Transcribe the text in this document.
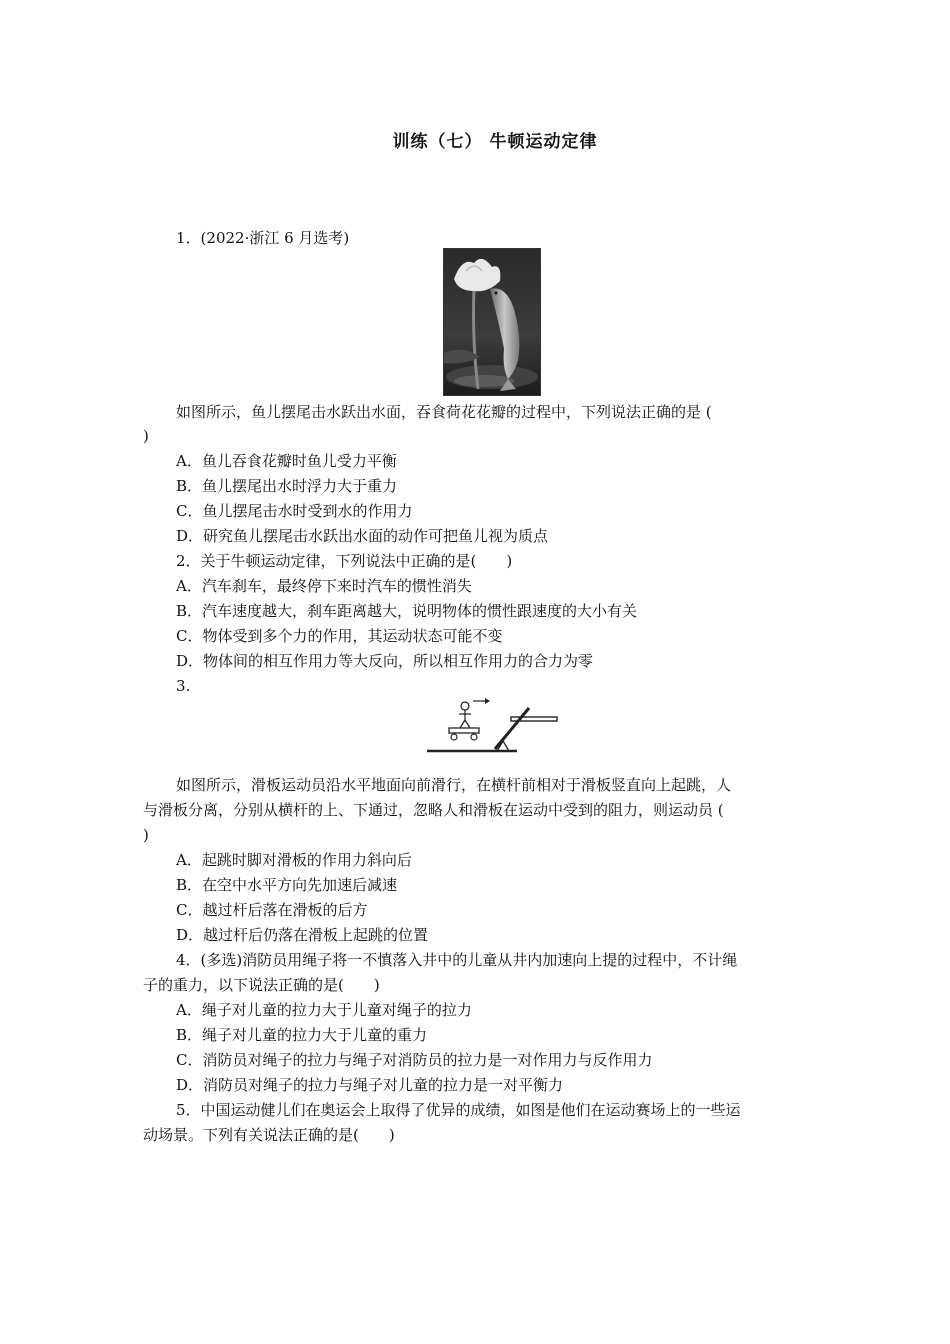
训练（七） 牛顿运动定律
1．(2022·浙江 6 月选考)
如图所示，鱼儿摆尾击水跃出水面，吞食荷花花瓣的过程中，下列说法正确的是 (
)
A．鱼儿吞食花瓣时鱼儿受力平衡
B．鱼儿摆尾出水时浮力大于重力
C．鱼儿摆尾击水时受到水的作用力
D．研究鱼儿摆尾击水跃出水面的动作可把鱼儿视为质点
2．关于牛顿运动定律，下列说法中正确的是(　　)
A．汽车刹车，最终停下来时汽车的惯性消失
B．汽车速度越大，刹车距离越大，说明物体的惯性跟速度的大小有关
C．物体受到多个力的作用，其运动状态可能不变
D．物体间的相互作用力等大反向，所以相互作用力的合力为零
3.
如图所示，滑板运动员沿水平地面向前滑行，在横杆前相对于滑板竖直向上起跳，人
与滑板分离，分别从横杆的上、下通过，忽略人和滑板在运动中受到的阻力，则运动员 (
)
A．起跳时脚对滑板的作用力斜向后
B．在空中水平方向先加速后减速
C．越过杆后落在滑板的后方
D．越过杆后仍落在滑板上起跳的位置
4．(多选)消防员用绳子将一不慎落入井中的儿童从井内加速向上提的过程中，不计绳
子的重力，以下说法正确的是(　　)
A．绳子对儿童的拉力大于儿童对绳子的拉力
B．绳子对儿童的拉力大于儿童的重力
C．消防员对绳子的拉力与绳子对消防员的拉力是一对作用力与反作用力
D．消防员对绳子的拉力与绳子对儿童的拉力是一对平衡力
5．中国运动健儿们在奥运会上取得了优异的成绩，如图是他们在运动赛场上的一些运
动场景。下列有关说法正确的是(　　)
